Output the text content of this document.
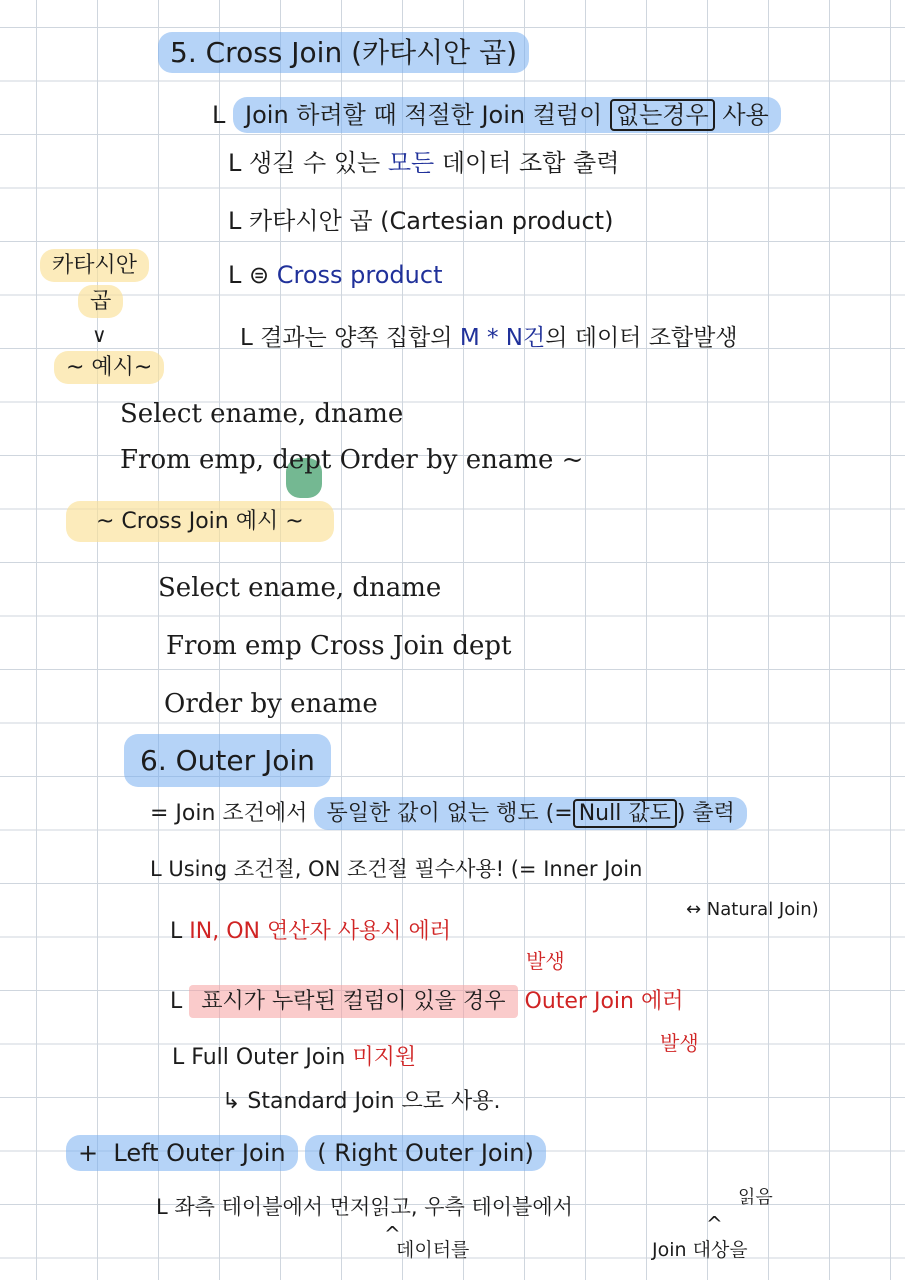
5. Cross Join (카타시안 곱)
L Join 하려할 때 적절한 Join 컬럼이 없는경우 사용
L 생길 수 있는 모든 데이터 조합 출력
L 카타시안 곱 (Cartesian product)
L ⊜ Cross product
L 결과는 양쪽 집합의 M * N건의 데이터 조합발생
카타시안
곱
∨
~ 예시~
Select ename, dname
From emp, dept Order by ename ~
~ Cross Join 예시 ~
Select ename, dname
From emp Cross Join dept
Order by ename
6. Outer Join
= Join 조건에서 동일한 값이 없는 행도 (= Null 값도 ) 출력
L Using 조건절, ON 조건절 필수사용! (= Inner Join
↔ Natural Join)
L IN, ON 연산자 사용시 에러
발생
L 표시가 누락된 컬럼이 있을 경우 Outer Join 에러
발생
L Full Outer Join 미지원
↳ Standard Join 으로 사용.
+ Left Outer Join ( Right Outer Join)
L 좌측 테이블에서 먼저읽고, 우측 테이블에서	읽음
^
데이터를
^
Join 대상을
